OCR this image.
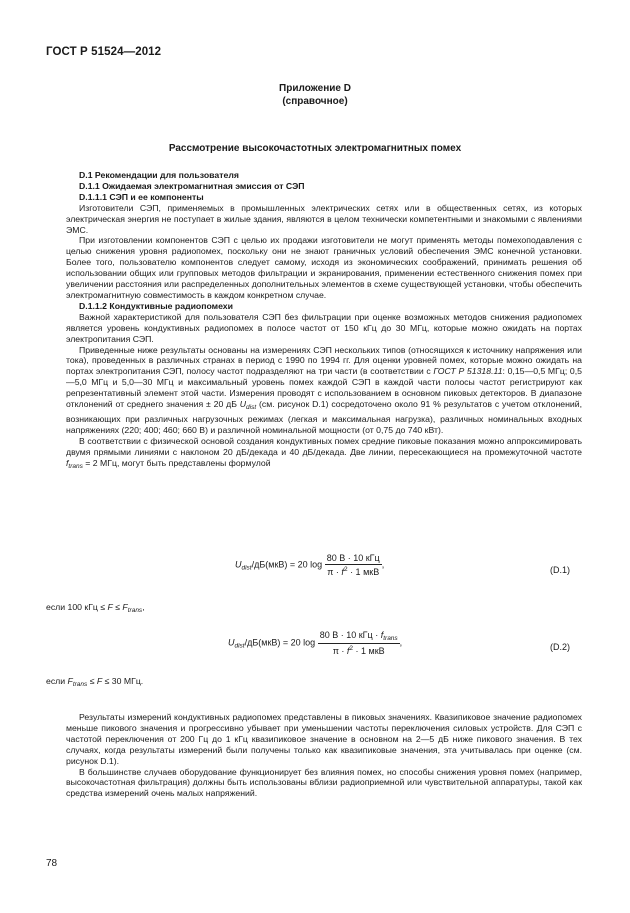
ГОСТ Р 51524—2012
Приложение D
(справочное)
Рассмотрение высокочастотных электромагнитных помех
D.1 Рекомендации для пользователя
D.1.1 Ожидаемая электромагнитная эмиссия от СЭП
D.1.1.1 СЭП и ее компоненты

Изготовители СЭП, применяемых в промышленных электрических сетях или в общественных сетях, из которых электрическая энергия не поступает в жилые здания, являются в целом технически компетентными и знакомыми с явлениями ЭМС.

При изготовлении компонентов СЭП с целью их продажи изготовители не могут применять методы помехоподавления с целью снижения уровня радиопомех, поскольку они не знают граничных условий обеспечения ЭМС конечной установки. Более того, пользователю компонентов следует самому, исходя из экономических соображений, принимать решения об использовании общих или групповых методов фильтрации и экранирования, применении естественного снижения помех при увеличении расстояния или распределенных дополнительных элементов в схеме существующей установки, чтобы обеспечить электромагнитную совместимость в каждом конкретном случае.

D.1.1.2 Кондуктивные радиопомехи

Важной характеристикой для пользователя СЭП без фильтрации при оценке возможных методов снижения радиопомех является уровень кондуктивных радиопомех в полосе частот от 150 кГц до 30 МГц, которые можно ожидать на портах электропитания СЭП.

Приведенные ниже результаты основаны на измерениях СЭП нескольких типов (относящихся к источнику напряжения или тока), проведенных в различных странах в период с 1990 по 1994 гг. Для оценки уровней помех, которые можно ожидать на портах электропитания СЭП, полосу частот подразделяют на три части (в соответствии с ГОСТ Р 51318.11: 0,15—0,5 МГц; 0,5—5,0 МГц и 5,0—30 МГц и максимальный уровень помех каждой СЭП в каждой части полосы частот регистрируют как репрезентативный элемент этой части. Измерения проводят с использованием в основном пиковых детекторов. В диапазоне отклонений от среднего значения ± 20 дБ $U_{dist}$ (см. рисунок D.1) сосредоточено около 91 % результатов с учетом отклонений, возникающих при различных нагрузочных режимах (легкая и максимальная нагрузка), различных номинальных входных напряжениях (220; 400; 460; 660 В) и различной номинальной мощности (от 0,75 до 740 кВт).

В соответствии с физической основой создания кондуктивных помех средние пиковые показания можно аппроксимировать двумя прямыми линиями с наклоном 20 дБ/декада и 40 дБ/декада. Две линии, пересекающиеся на промежуточной частоте $f_{trans} = 2$ МГц, могут быть представлены формулой

$U_{dist}/дБ(мкВ) = 20$ $\log \frac{\text{80 В · 10 кГц}}{\pi \cdot f^2 \cdot 1 мкВ}$ ,
(D.1)
если 100 кГц ≤ $F \le F_{trans}$,
$U_{dist}/дБ(мкВ) = 20$ $\log \frac{80 В \cdot 10 кГц \cdot f_{trans}}{\pi \cdot f^2 \cdot 1 мкВ}$ ,	(D.2)
если $F_{trans} \le F \le 30$ МГц.

Результаты измерений кондуктивных радиопомех представлены в пиковых значениях. Квазипиковое значение радиопомех меньше пикового значения и прогрессивно убывает при уменьшении частоты переключения силовых устройств. Для СЭП с частотой переключения от 200 Гц до 1 кГц квазипиковое значение в основном на 2—5 дБ ниже пикового значения. В тех случаях, когда результаты измерений были получены только как квазипиковые значения, эта учитывалась при оценке (см. рисунок D.1).

В большинстве случаев оборудование функционирует без влияния помех, но способы снижения уровня помех (например, высокочастотная фильтрация) должны быть использованы вблизи радиоприемной или чувствительной аппаратуры, такой как средства измерений очень малых напряжений.

78
